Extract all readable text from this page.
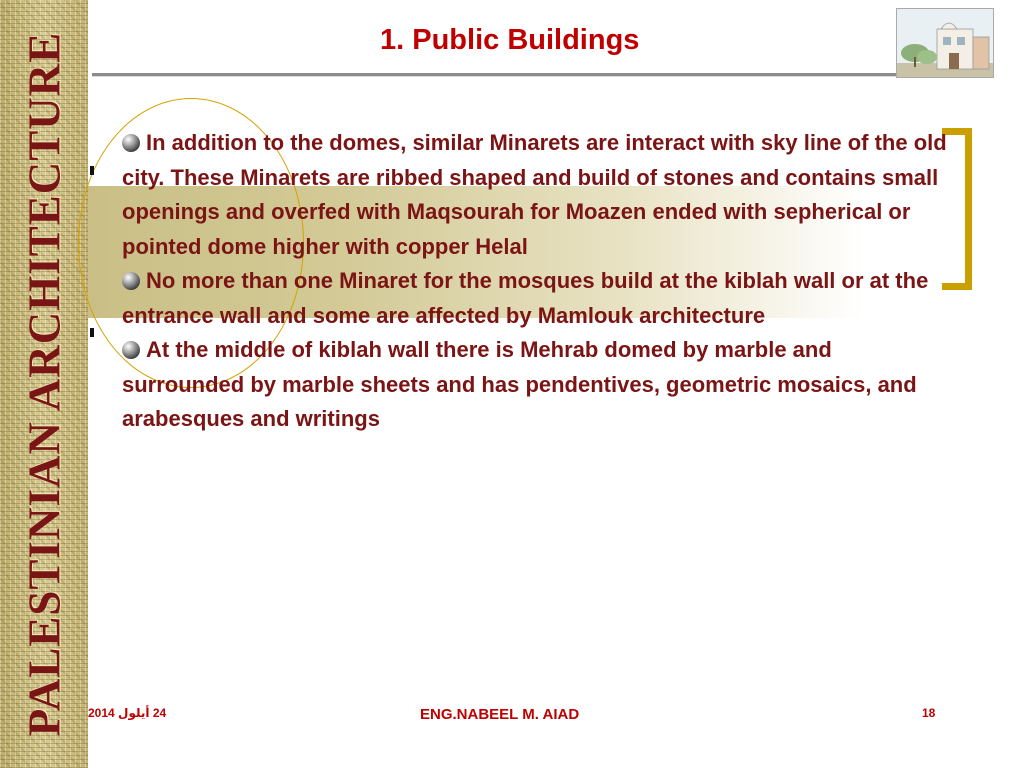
PALESTINIAN ARCHITECTURE	1. Public Buildings

In addition to the domes, similar Minarets are interact with sky line of the old city. These Minarets are ribbed shaped and build of stones and contains small openings and overfed with Maqsourah for Moazen ended with sepherical or pointed dome higher with copper Helal

No more than one Minaret for the mosques build at the kiblah wall or at the entrance wall and some are affected by Mamlouk architecture

At the middle of kiblah wall there is Mehrab domed by marble and surrounded by marble sheets and has pendentives, geometric mosaics, and arabesques and writings

24 أيلول 2014	ENG.NABEEL M. AIAD	18
